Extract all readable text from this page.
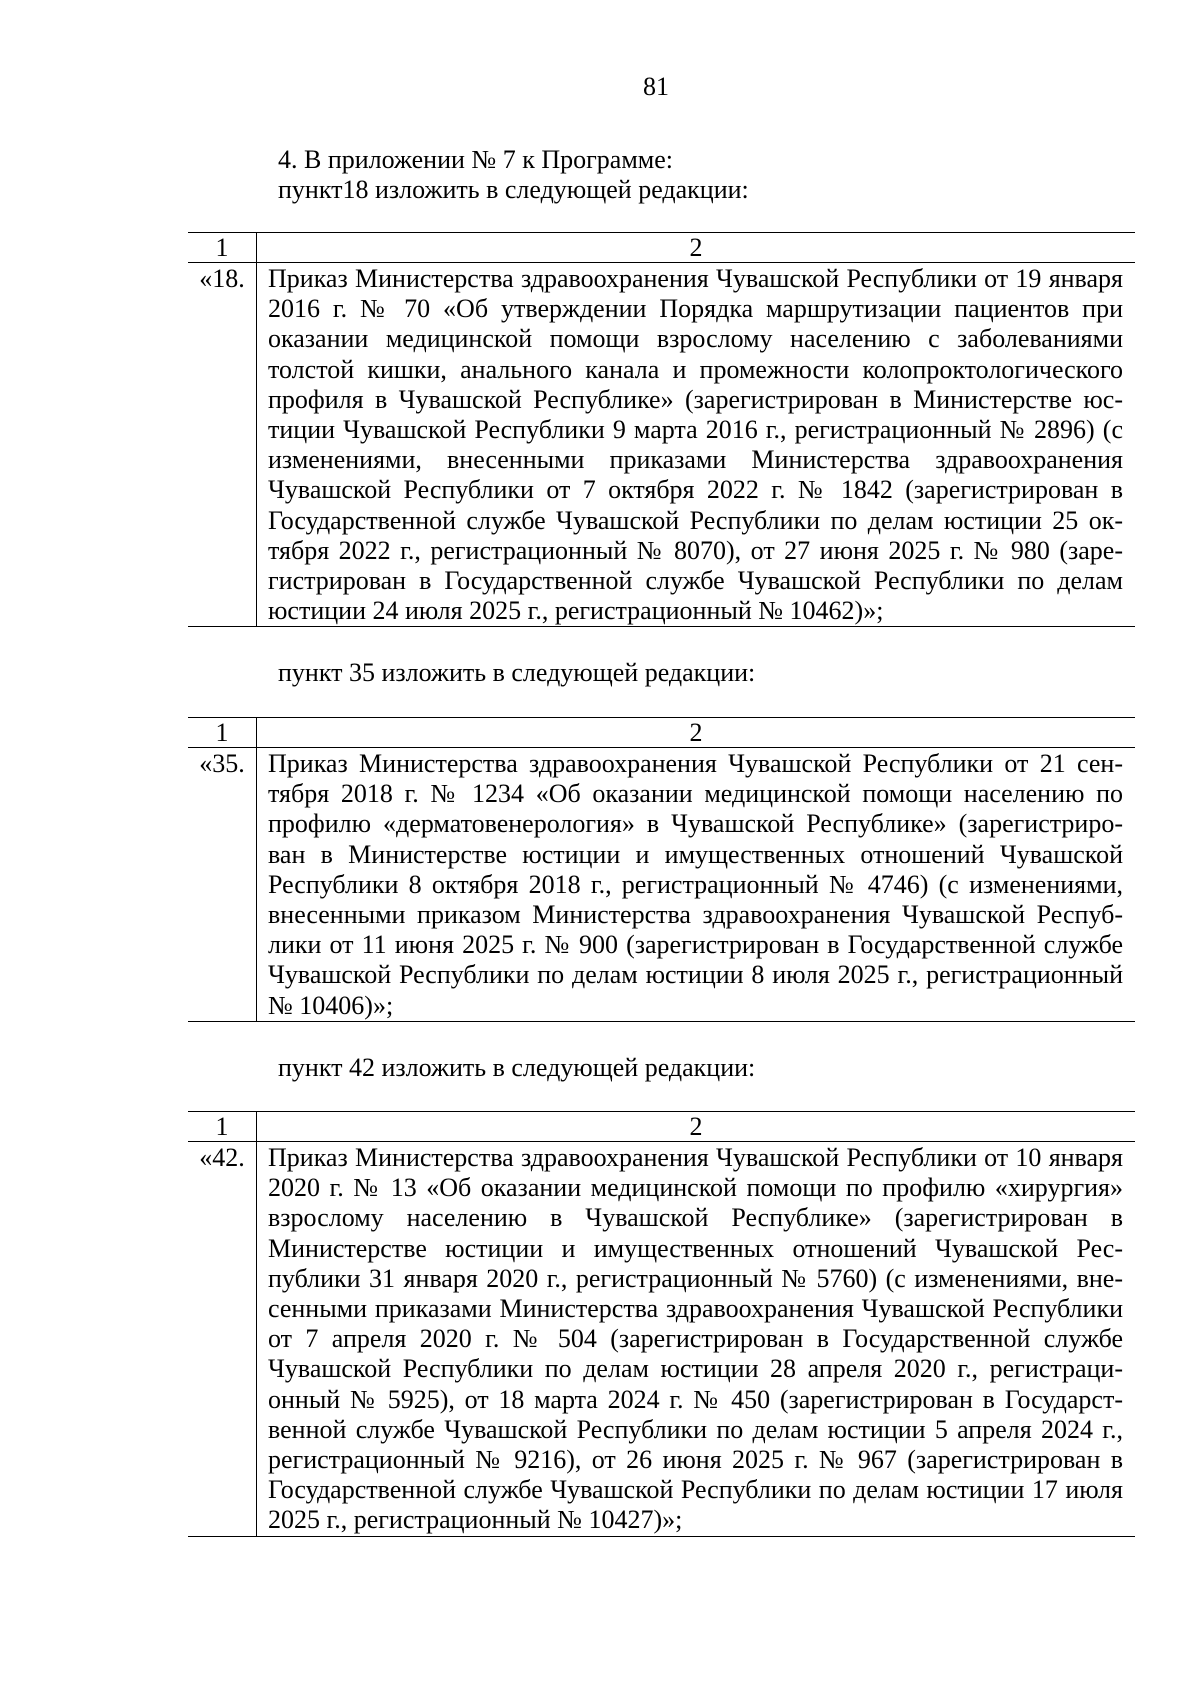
81
4. В приложении № 7 к Программе:
пункт18 изложить в следующей редакции:
1	2
«18.	Приказ Министерства здравоохранения Чувашской Республики от 19 января 2016 г. № 70 «Об утверждении Порядка маршрутизации пациентов при оказании медицинской помощи взрослому населению с заболеваниями толстой кишки, анального канала и промежности колопроктологического профиля в Чувашской Республике» (зарегистрирован в Министерстве юстиции Чувашской Республики 9 марта 2016 г., регистрационный № 2896) (с изменениями, внесенными приказами Министерства здравоохранения Чувашской Республики от 7 октября 2022 г. № 1842 (зарегистрирован в Государственной службе Чувашской Республики по делам юстиции 25 октября 2022 г., регистрационный № 8070), от 27 июня 2025 г. № 980 (зарегистрирован в Государственной службе Чувашской Республики по делам юстиции 24 июля 2025 г., регистрационный № 10462)»;
пункт 35 изложить в следующей редакции:
1	2
«35.	Приказ Министерства здравоохранения Чувашской Республики от 21 сентября 2018 г. № 1234 «Об оказании медицинской помощи населению по профилю «дерматовенерология» в Чувашской Республике» (зарегистрирован в Министерстве юстиции и имущественных отношений Чувашской Республики 8 октября 2018 г., регистрационный № 4746) (с изменениями, внесенными приказом Министерства здравоохранения Чувашской Республики от 11 июня 2025 г. № 900 (зарегистрирован в Государственной службе Чувашской Республики по делам юстиции 8 июля 2025 г., регистрационный № 10406)»;
пункт 42 изложить в следующей редакции:
1	2
«42.	Приказ Министерства здравоохранения Чувашской Республики от 10 января 2020 г. № 13 «Об оказании медицинской помощи по профилю «хирургия» взрослому населению в Чувашской Республике» (зарегистрирован в Министерстве юстиции и имущественных отношений Чувашской Республики 31 января 2020 г., регистрационный № 5760) (с изменениями, внесенными приказами Министерства здравоохранения Чувашской Республики от 7 апреля 2020 г. № 504 (зарегистрирован в Государственной службе Чувашской Республики по делам юстиции 28 апреля 2020 г., регистрационный № 5925), от 18 марта 2024 г. № 450 (зарегистрирован в Государственной службе Чувашской Республики по делам юстиции 5 апреля 2024 г., регистрационный № 9216), от 26 июня 2025 г. № 967 (зарегистрирован в Государственной службе Чувашской Республики по делам юстиции 17 июля 2025 г., регистрационный № 10427)»;
